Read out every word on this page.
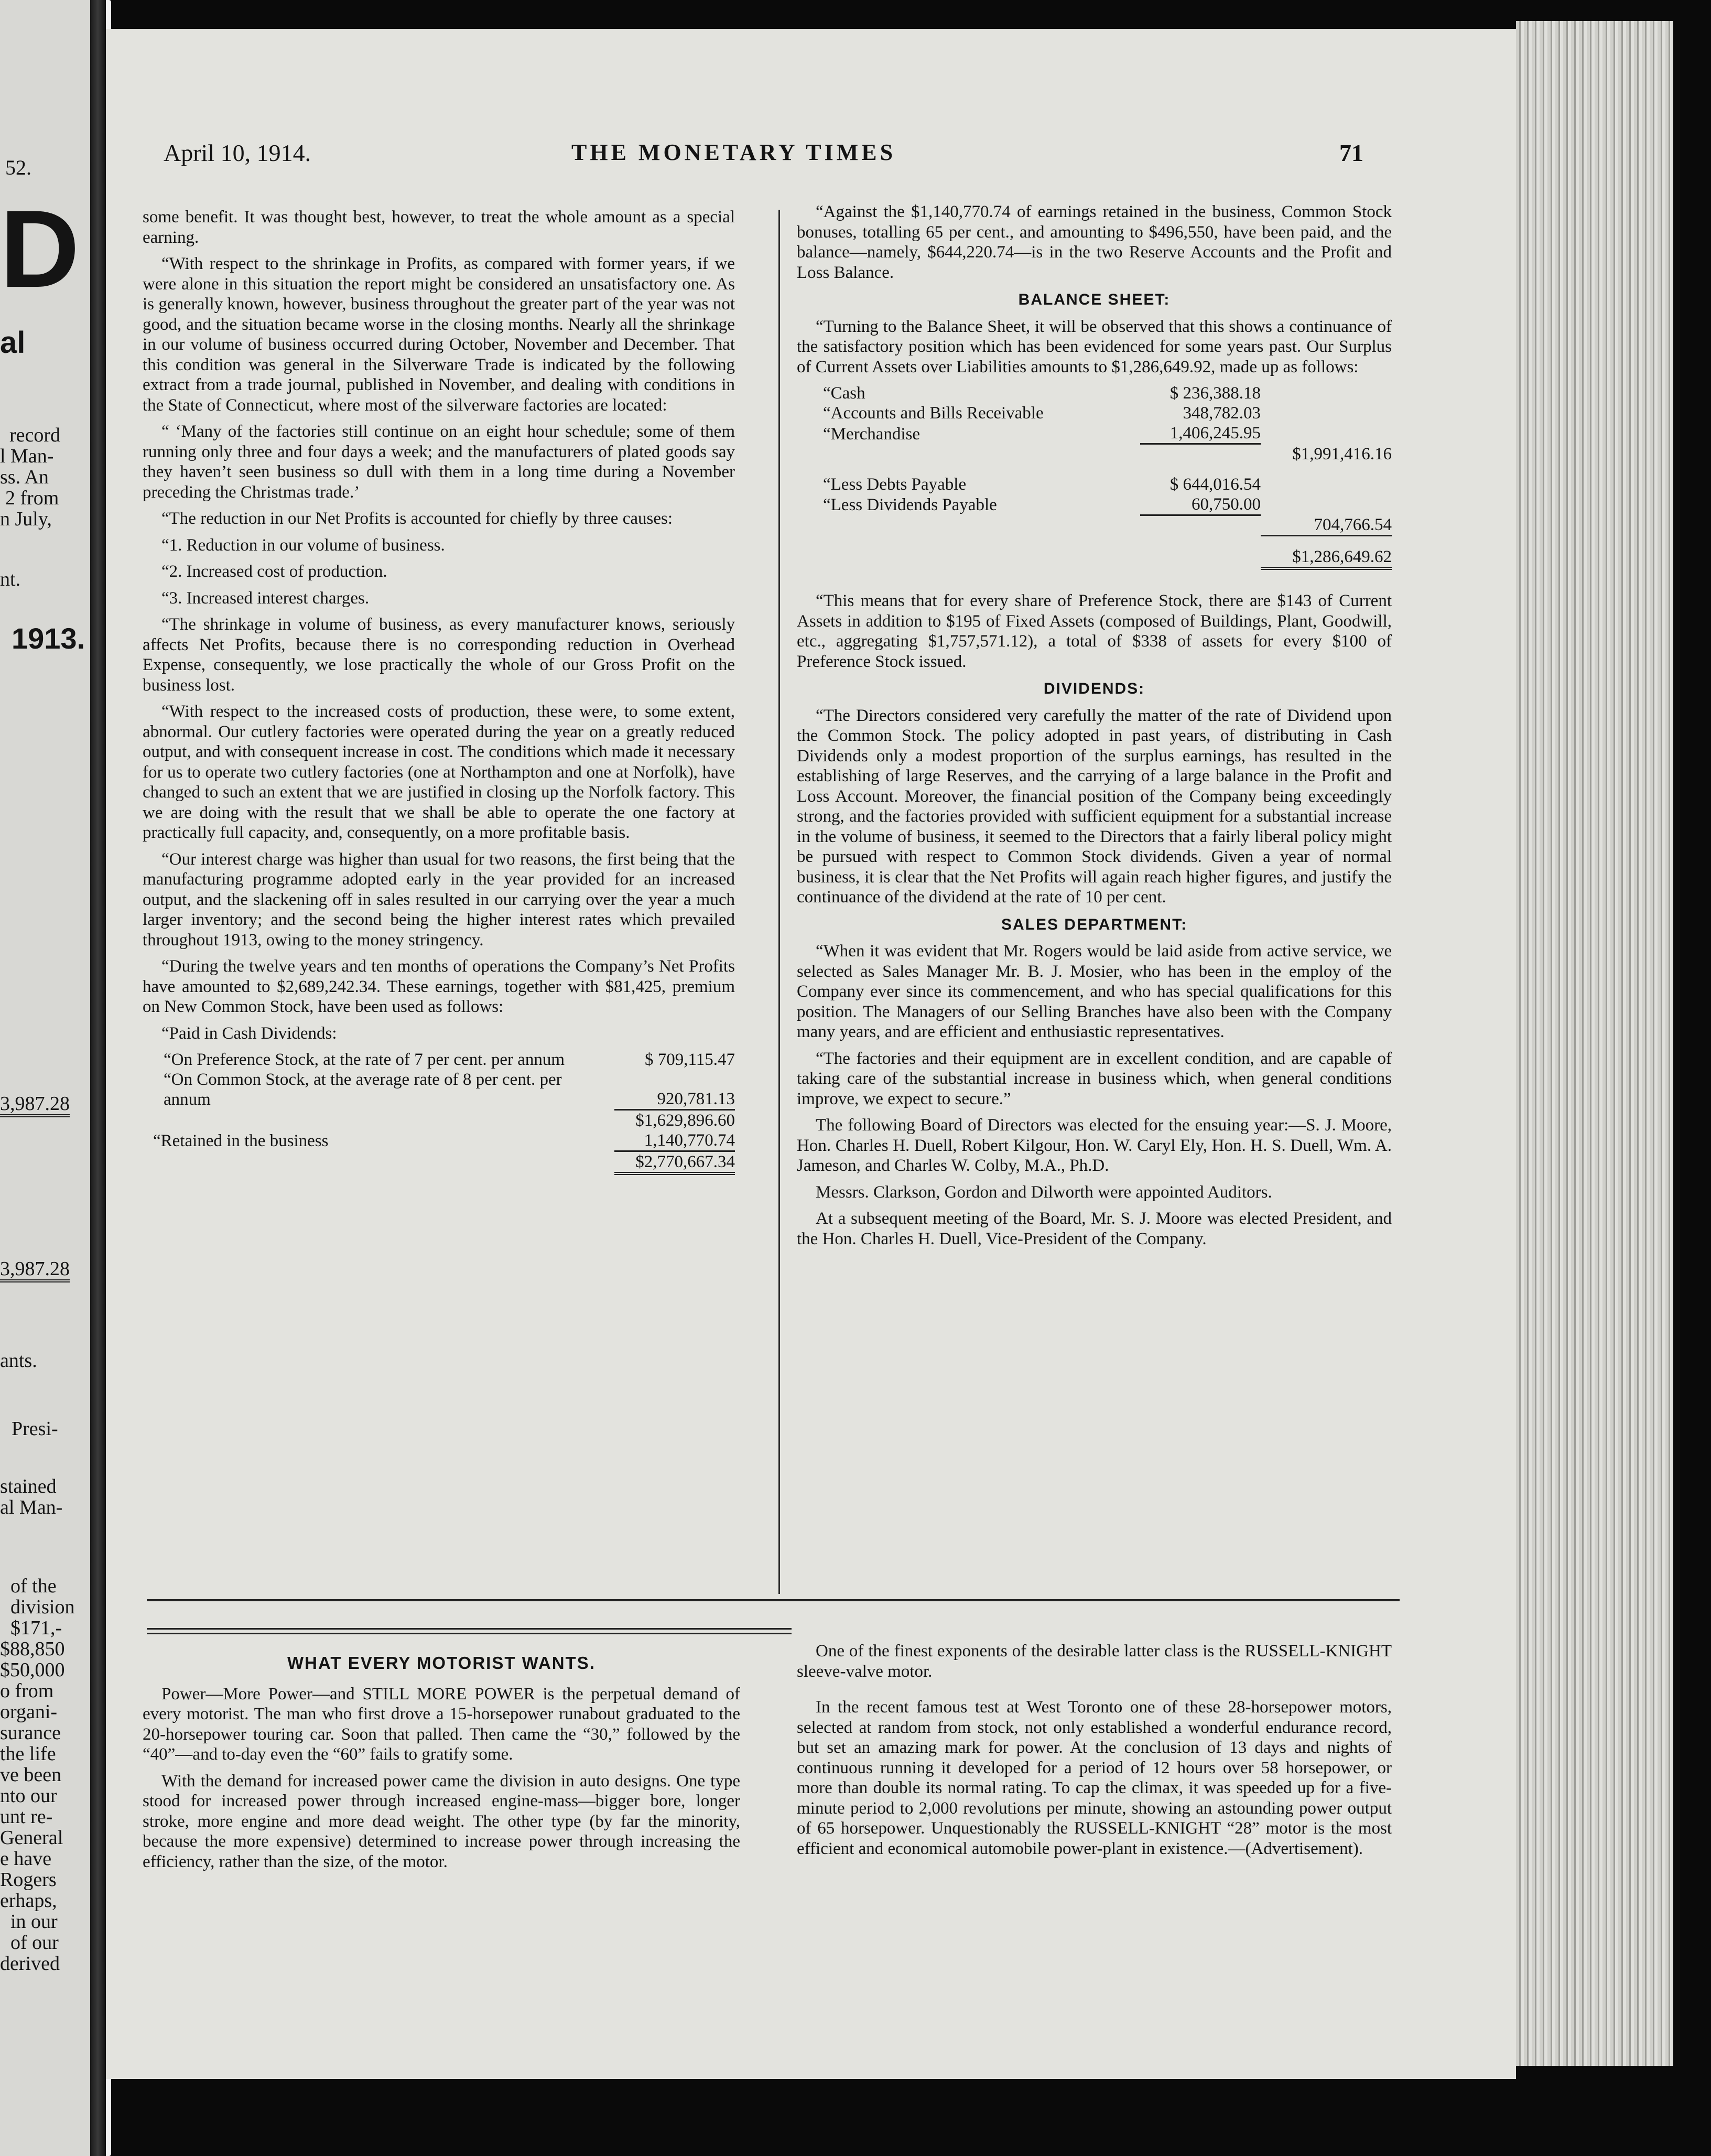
52.
D
al
record
l Man-
ss. An
2 from
n July,
nt.
1913.
3,987.28
3,987.28
ants.
Presi-
stained
al Man-
of the
division
$171,-
$88,850
$50,000
o from
organi-
surance
the life
ve been
nto our
unt re-
General
e have
Rogers
erhaps,
in our
of our
derived
April 10, 1914.	THE MONETARY TIMES	71

some benefit. It was thought best, however, to treat the whole amount as a special earning.

“With respect to the shrinkage in Profits, as compared with former years, if we were alone in this situation the report might be considered an unsatisfactory one. As is generally known, however, business throughout the greater part of the year was not good, and the situation became worse in the closing months. Nearly all the shrinkage in our volume of business occurred during October, November and December. That this condition was general in the Silverware Trade is indicated by the following extract from a trade journal, published in November, and dealing with conditions in the State of Connecticut, where most of the silverware factories are located:

“ ‘Many of the factories still continue on an eight hour schedule; some of them running only three and four days a week; and the manufacturers of plated goods say they haven’t seen business so dull with them in a long time during a November preceding the Christmas trade.’

“The reduction in our Net Profits is accounted for chiefly by three causes:

“1. Reduction in our volume of business.

“2. Increased cost of production.

“3. Increased interest charges.

“The shrinkage in volume of business, as every manufacturer knows, seriously affects Net Profits, because there is no corresponding reduction in Overhead Expense, consequently, we lose practically the whole of our Gross Profit on the business lost.

“With respect to the increased costs of production, these were, to some extent, abnormal. Our cutlery factories were operated during the year on a greatly reduced output, and with consequent increase in cost. The conditions which made it necessary for us to operate two cutlery factories (one at Northampton and one at Norfolk), have changed to such an extent that we are justified in closing up the Norfolk factory. This we are doing with the result that we shall be able to operate the one factory at practically full capacity, and, consequently, on a more profitable basis.

“Our interest charge was higher than usual for two reasons, the first being that the manufacturing programme adopted early in the year provided for an increased output, and the slackening off in sales resulted in our carrying over the year a much larger inventory; and the second being the higher interest rates which prevailed throughout 1913, owing to the money stringency.

“During the twelve years and ten months of operations the Company’s Net Profits have amounted to $2,689,242.34. These earnings, together with $81,425, premium on New Common Stock, have been used as follows:

“Paid in Cash Dividends:

“On Preference Stock, at the rate of 7 per cent. per annum	$ 709,115.47
“On Common Stock, at the average rate of 8 per cent. per annum	920,781.13
	$1,629,896.60
“Retained in the business	1,140,770.74
	$2,770,667.34

“Against the $1,140,770.74 of earnings retained in the business, Common Stock bonuses, totalling 65 per cent., and amounting to $496,550, have been paid, and the balance—namely, $644,220.74—is in the two Reserve Accounts and the Profit and Loss Balance.

BALANCE SHEET:

“Turning to the Balance Sheet, it will be observed that this shows a continuance of the satisfactory position which has been evidenced for some years past. Our Surplus of Current Assets over Liabilities amounts to $1,286,649.92, made up as follows:

“Cash	$ 236,388.18	
“Accounts and Bills Receivable	348,782.03	
“Merchandise	1,406,245.95	
		$1,991,416.16

“Less Debts Payable	$ 644,016.54	
“Less Dividends Payable	60,750.00	
		704,766.54
		$1,286,649.62

“This means that for every share of Preference Stock, there are $143 of Current Assets in addition to $195 of Fixed Assets (composed of Buildings, Plant, Goodwill, etc., aggregating $1,757,571.12), a total of $338 of assets for every $100 of Preference Stock issued.

DIVIDENDS:

“The Directors considered very carefully the matter of the rate of Dividend upon the Common Stock. The policy adopted in past years, of distributing in Cash Dividends only a modest proportion of the surplus earnings, has resulted in the establishing of large Reserves, and the carrying of a large balance in the Profit and Loss Account. Moreover, the financial position of the Company being exceedingly strong, and the factories provided with sufficient equipment for a substantial increase in the volume of business, it seemed to the Directors that a fairly liberal policy might be pursued with respect to Common Stock dividends. Given a year of normal business, it is clear that the Net Profits will again reach higher figures, and justify the continuance of the dividend at the rate of 10 per cent.

SALES DEPARTMENT:

“When it was evident that Mr. Rogers would be laid aside from active service, we selected as Sales Manager Mr. B. J. Mosier, who has been in the employ of the Company ever since its commencement, and who has special qualifications for this position. The Managers of our Selling Branches have also been with the Company many years, and are efficient and enthusiastic representatives.

“The factories and their equipment are in excellent condition, and are capable of taking care of the substantial increase in business which, when general conditions improve, we expect to secure.”

The following Board of Directors was elected for the ensuing year:—S. J. Moore, Hon. Charles H. Duell, Robert Kilgour, Hon. W. Caryl Ely, Hon. H. S. Duell, Wm. A. Jameson, and Charles W. Colby, M.A., Ph.D.

Messrs. Clarkson, Gordon and Dilworth were appointed Auditors.

At a subsequent meeting of the Board, Mr. S. J. Moore was elected President, and the Hon. Charles H. Duell, Vice-President of the Company.

WHAT EVERY MOTORIST WANTS.

Power—More Power—and STILL MORE POWER is the perpetual demand of every motorist. The man who first drove a 15-horsepower runabout graduated to the 20-horsepower touring car. Soon that palled. Then came the “30,” followed by the “40”—and to-day even the “60” fails to gratify some.

With the demand for increased power came the division in auto designs. One type stood for increased power through increased engine-mass—bigger bore, longer stroke, more engine and more dead weight. The other type (by far the minority, because the more expensive) determined to increase power through increasing the efficiency, rather than the size, of the motor.

One of the finest exponents of the desirable latter class is the RUSSELL-KNIGHT sleeve-valve motor.

In the recent famous test at West Toronto one of these 28-horsepower motors, selected at random from stock, not only established a wonderful endurance record, but set an amazing mark for power. At the conclusion of 13 days and nights of continuous running it developed for a period of 12 hours over 58 horsepower, or more than double its normal rating. To cap the climax, it was speeded up for a five-minute period to 2,000 revolutions per minute, showing an astounding power output of 65 horsepower. Unquestionably the RUSSELL-KNIGHT “28” motor is the most efficient and economical automobile power-plant in existence.—(Advertisement).
